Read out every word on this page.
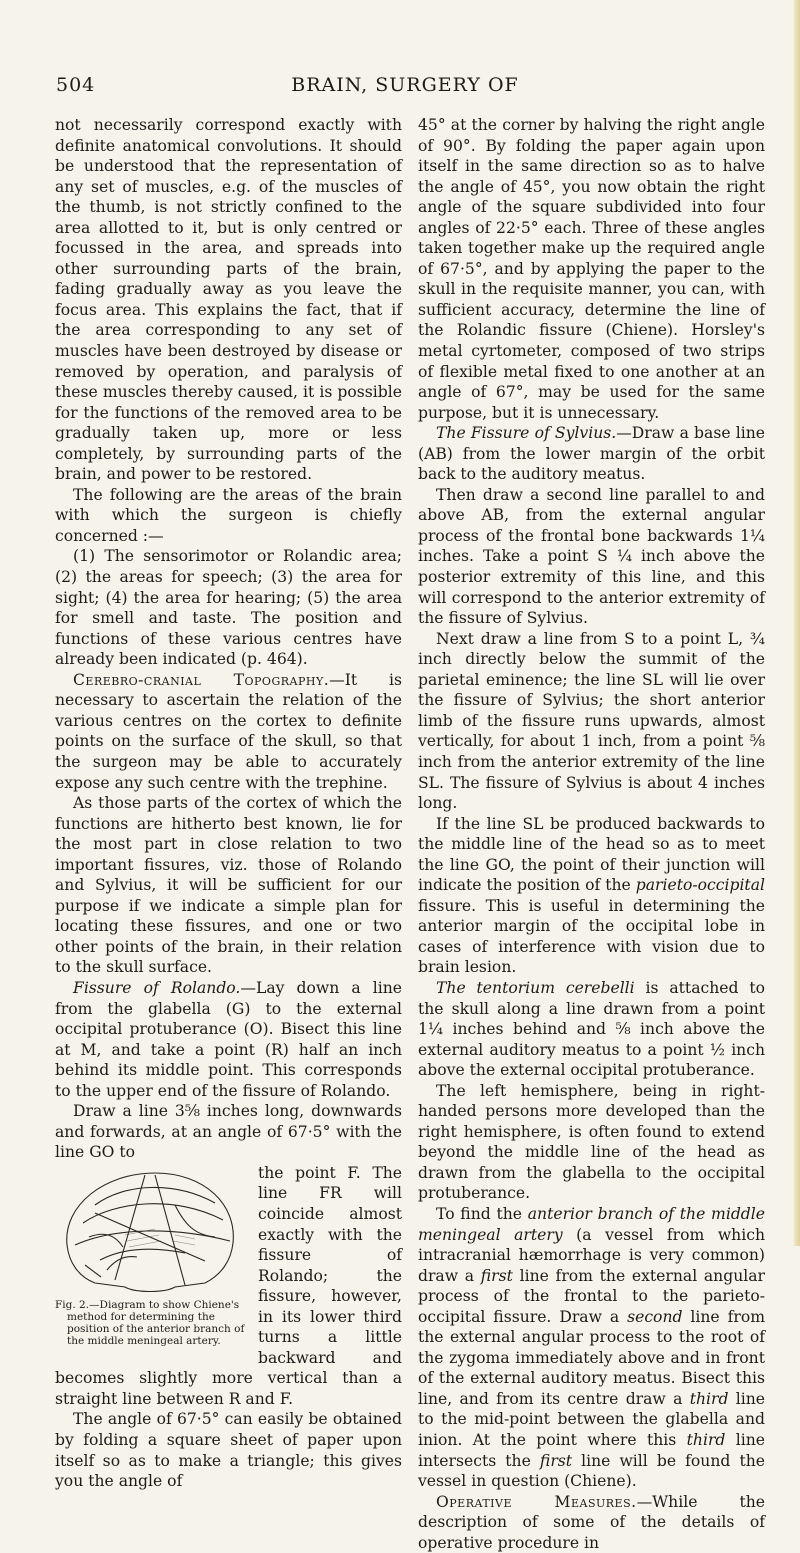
504	BRAIN, SURGERY OF

not necessarily correspond exactly with definite anatomical convolutions. It should be understood that the representation of any set of muscles, e.g. of the muscles of the thumb, is not strictly confined to the area allotted to it, but is only centred or focussed in the area, and spreads into other surrounding parts of the brain, fading gradually away as you leave the focus area. This explains the fact, that if the area corresponding to any set of muscles have been destroyed by disease or removed by operation, and paralysis of these muscles thereby caused, it is possible for the functions of the removed area to be gradually taken up, more or less completely, by surrounding parts of the brain, and power to be restored.

The following are the areas of the brain with which the surgeon is chiefly concerned :—

(1) The sensorimotor or Rolandic area; (2) the areas for speech; (3) the area for sight; (4) the area for hearing; (5) the area for smell and taste. The position and functions of these various centres have already been indicated (p. 464).

Cerebro-cranial Topography.—It is necessary to ascertain the relation of the various centres on the cortex to definite points on the surface of the skull, so that the surgeon may be able to accurately expose any such centre with the trephine.

As those parts of the cortex of which the functions are hitherto best known, lie for the most part in close relation to two important fissures, viz. those of Rolando and Sylvius, it will be sufficient for our purpose if we indicate a simple plan for locating these fissures, and one or two other points of the brain, in their relation to the skull surface.

Fissure of Rolando.—Lay down a line from the glabella (G) to the external occipital protuberance (O). Bisect this line at M, and take a point (R) half an inch behind its middle point. This corresponds to the upper end of the fissure of Rolando.

Draw a line 3⅝ inches long, downwards and forwards, at an angle of 67·5° with the line GO to

Fig. 2.—Diagram to show Chiene's method for determining the position of the anterior branch of the middle meningeal artery.

the point F. The line FR will coincide almost exactly with the fissure of Rolando; the fissure, however, in its lower third turns a little backward and becomes slightly more vertical than a straight line between R and F.

The angle of 67·5° can easily be obtained by folding a square sheet of paper upon itself so as to make a triangle; this gives you the angle of

45° at the corner by halving the right angle of 90°. By folding the paper again upon itself in the same direction so as to halve the angle of 45°, you now obtain the right angle of the square subdivided into four angles of 22·5° each. Three of these angles taken together make up the required angle of 67·5°, and by applying the paper to the skull in the requisite manner, you can, with sufficient accuracy, determine the line of the Rolandic fissure (Chiene). Horsley's metal cyrtometer, composed of two strips of flexible metal fixed to one another at an angle of 67°, may be used for the same purpose, but it is unnecessary.

The Fissure of Sylvius.—Draw a base line (AB) from the lower margin of the orbit back to the auditory meatus.

Then draw a second line parallel to and above AB, from the external angular process of the frontal bone backwards 1¼ inches. Take a point S ¼ inch above the posterior extremity of this line, and this will correspond to the anterior extremity of the fissure of Sylvius.

Next draw a line from S to a point L, ¾ inch directly below the summit of the parietal eminence; the line SL will lie over the fissure of Sylvius; the short anterior limb of the fissure runs upwards, almost vertically, for about 1 inch, from a point ⅝ inch from the anterior extremity of the line SL. The fissure of Sylvius is about 4 inches long.

If the line SL be produced backwards to the middle line of the head so as to meet the line GO, the point of their junction will indicate the position of the parieto-occipital fissure. This is useful in determining the anterior margin of the occipital lobe in cases of interference with vision due to brain lesion.

The tentorium cerebelli is attached to the skull along a line drawn from a point 1¼ inches behind and ⅝ inch above the external auditory meatus to a point ½ inch above the external occipital protuberance.

The left hemisphere, being in right-handed persons more developed than the right hemisphere, is often found to extend beyond the middle line of the head as drawn from the glabella to the occipital protuberance.

To find the anterior branch of the middle meningeal artery (a vessel from which intracranial hæmorrhage is very common) draw a first line from the external angular process of the frontal to the parieto-occipital fissure. Draw a second line from the external angular process to the root of the zygoma immediately above and in front of the external auditory meatus. Bisect this line, and from its centre draw a third line to the mid-point between the glabella and inion. At the point where this third line intersects the first line will be found the vessel in question (Chiene).

Operative Measures.—While the description of some of the details of operative procedure in
